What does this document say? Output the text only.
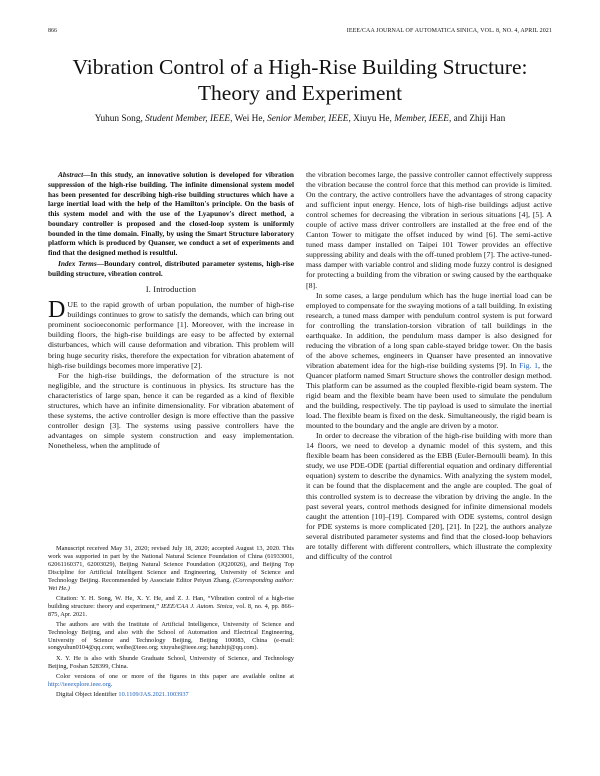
866	IEEE/CAA JOURNAL OF AUTOMATICA SINICA, VOL. 8, NO. 4, APRIL 2021
Vibration Control of a High-Rise Building Structure: Theory and Experiment
Yuhun Song, Student Member, IEEE, Wei He, Senior Member, IEEE, Xiuyu He, Member, IEEE, and Zhiji Han

Abstract—In this study, an innovative solution is developed for vibration suppression of the high-rise building. The infinite dimensional system model has been presented for describing high-rise building structures which have a large inertial load with the help of the Hamilton's principle. On the basis of this system model and with the use of the Lyapunov's direct method, a boundary controller is proposed and the closed-loop system is uniformly bounded in the time domain. Finally, by using the Smart Structure laboratory platform which is produced by Quanser, we conduct a set of experiments and find that the designed method is resultful.

Index Terms—Boundary control, distributed parameter systems, high-rise building structure, vibration control.

I. Introduction

DUE to the rapid growth of urban population, the number of high-rise buildings continues to grow to satisfy the demands, which can bring out prominent socioeconomic performance [1]. Moreover, with the increase in building floors, the high-rise buildings are easy to be affected by external disturbances, which will cause deformation and vibration. This problem will bring huge security risks, therefore the expectation for vibration abatement of high-rise buildings becomes more imperative [2].

For the high-rise buildings, the deformation of the structure is not negligible, and the structure is continuous in physics. Its structure has the characteristics of large span, hence it can be regarded as a kind of flexible structures, which have an infinite dimensionality. For vibration abatement of these systems, the active controller design is more effective than the passive controller design [3]. The systems using passive controllers have the advantages on simple system construction and easy implementation. Nonetheless, when the amplitude of

the vibration becomes large, the passive controller cannot effectively suppress the vibration because the control force that this method can provide is limited. On the contrary, the active controllers have the advantages of strong capacity and sufficient input energy. Hence, lots of high-rise buildings adjust active control schemes for decreasing the vibration in serious situations [4], [5]. A couple of active mass driver controllers are installed at the free end of the Canton Tower to mitigate the offset induced by wind [6]. The semi-active tuned mass damper installed on Taipei 101 Tower provides an effective suppressing ability and deals with the off-tuned problem [7]. The active-tuned-mass damper with variable control and sliding mode fuzzy control is designed for protecting a building from the vibration or swing caused by the earthquake [8].

In some cases, a large pendulum which has the huge inertial load can be employed to compensate for the swaying motions of a tall building. In existing research, a tuned mass damper with pendulum control system is put forward for controlling the translation-torsion vibration of tall buildings in the earthquake. In addition, the pendulum mass damper is also designed for reducing the vibration of a long span cable-stayed bridge tower. On the basis of the above schemes, engineers in Quanser have presented an innovative vibration abatement idea for the high-rise building systems [9]. In Fig. 1, the Quancer platform named Smart Structure shows the controller design method. This platform can be assumed as the coupled flexible-rigid beam system. The rigid beam and the flexible beam have been used to simulate the pendulum and the building, respectively. The tip payload is used to simulate the inertial load. The flexible beam is fixed on the desk. Simultaneously, the rigid beam is mounted to the boundary and the angle are driven by a motor.

In order to decrease the vibration of the high-rise building with more than 14 floors, we need to develop a dynamic model of this system, and this flexible beam has been considered as the EBB (Euler-Bernoulli beam). In this study, we use PDE-ODE (partial differential equation and ordinary differential equation) system to describe the dynamics. With analyzing the system model, it can be found that the displacement and the angle are coupled. The goal of this controlled system is to decrease the vibration by driving the angle. In the past several years, control methods designed for infinite dimensional models caught the attention [10]–[19]. Compared with ODE systems, control design for PDE systems is more complicated [20], [21]. In [22], the authors analyze several distributed parameter systems and find that the closed-loop behaviors are totally different with different controllers, which illustrate the complexity and difficulty of the control

Manuscript received May 31, 2020; revised July 18, 2020; accepted August 13, 2020. This work was supported in part by the National Natural Science Foundation of China (61933001, 62061160371, 62003029), Beijing Natural Science Foundation (JQ20026), and Beijing Top Discipline for Artificial Intelligent Science and Engineering, University of Science and Technology Beijing. Recommended by Associate Editor Peiyun Zhang. (Corresponding author: Wei He.)

Citation: Y. H. Song, W. He, X. Y. He, and Z. J. Han, “Vibration control of a high-rise building structure: theory and experiment,” IEEE/CAA J. Autom. Sinica, vol. 8, no. 4, pp. 866–875, Apr. 2021.

The authors are with the Institute of Artificial Intelligence, University of Science and Technology Beijing, and also with the School of Automation and Electrical Engineering, University of Science and Technology Beijing, Beijing 100083, China (e-mail: songyuhun0104@qq.com; weihe@ieee.org; xiuyuhe@ieee.org; hanzhiji@qq.com).

X. Y. He is also with Shunde Graduate School, University of Science, and Technology Beijing, Foshan 528399, China.

Color versions of one or more of the figures in this paper are available online at http://ieeexplore.ieee.org.

Digital Object Identifier 10.1109/JAS.2021.1003937
